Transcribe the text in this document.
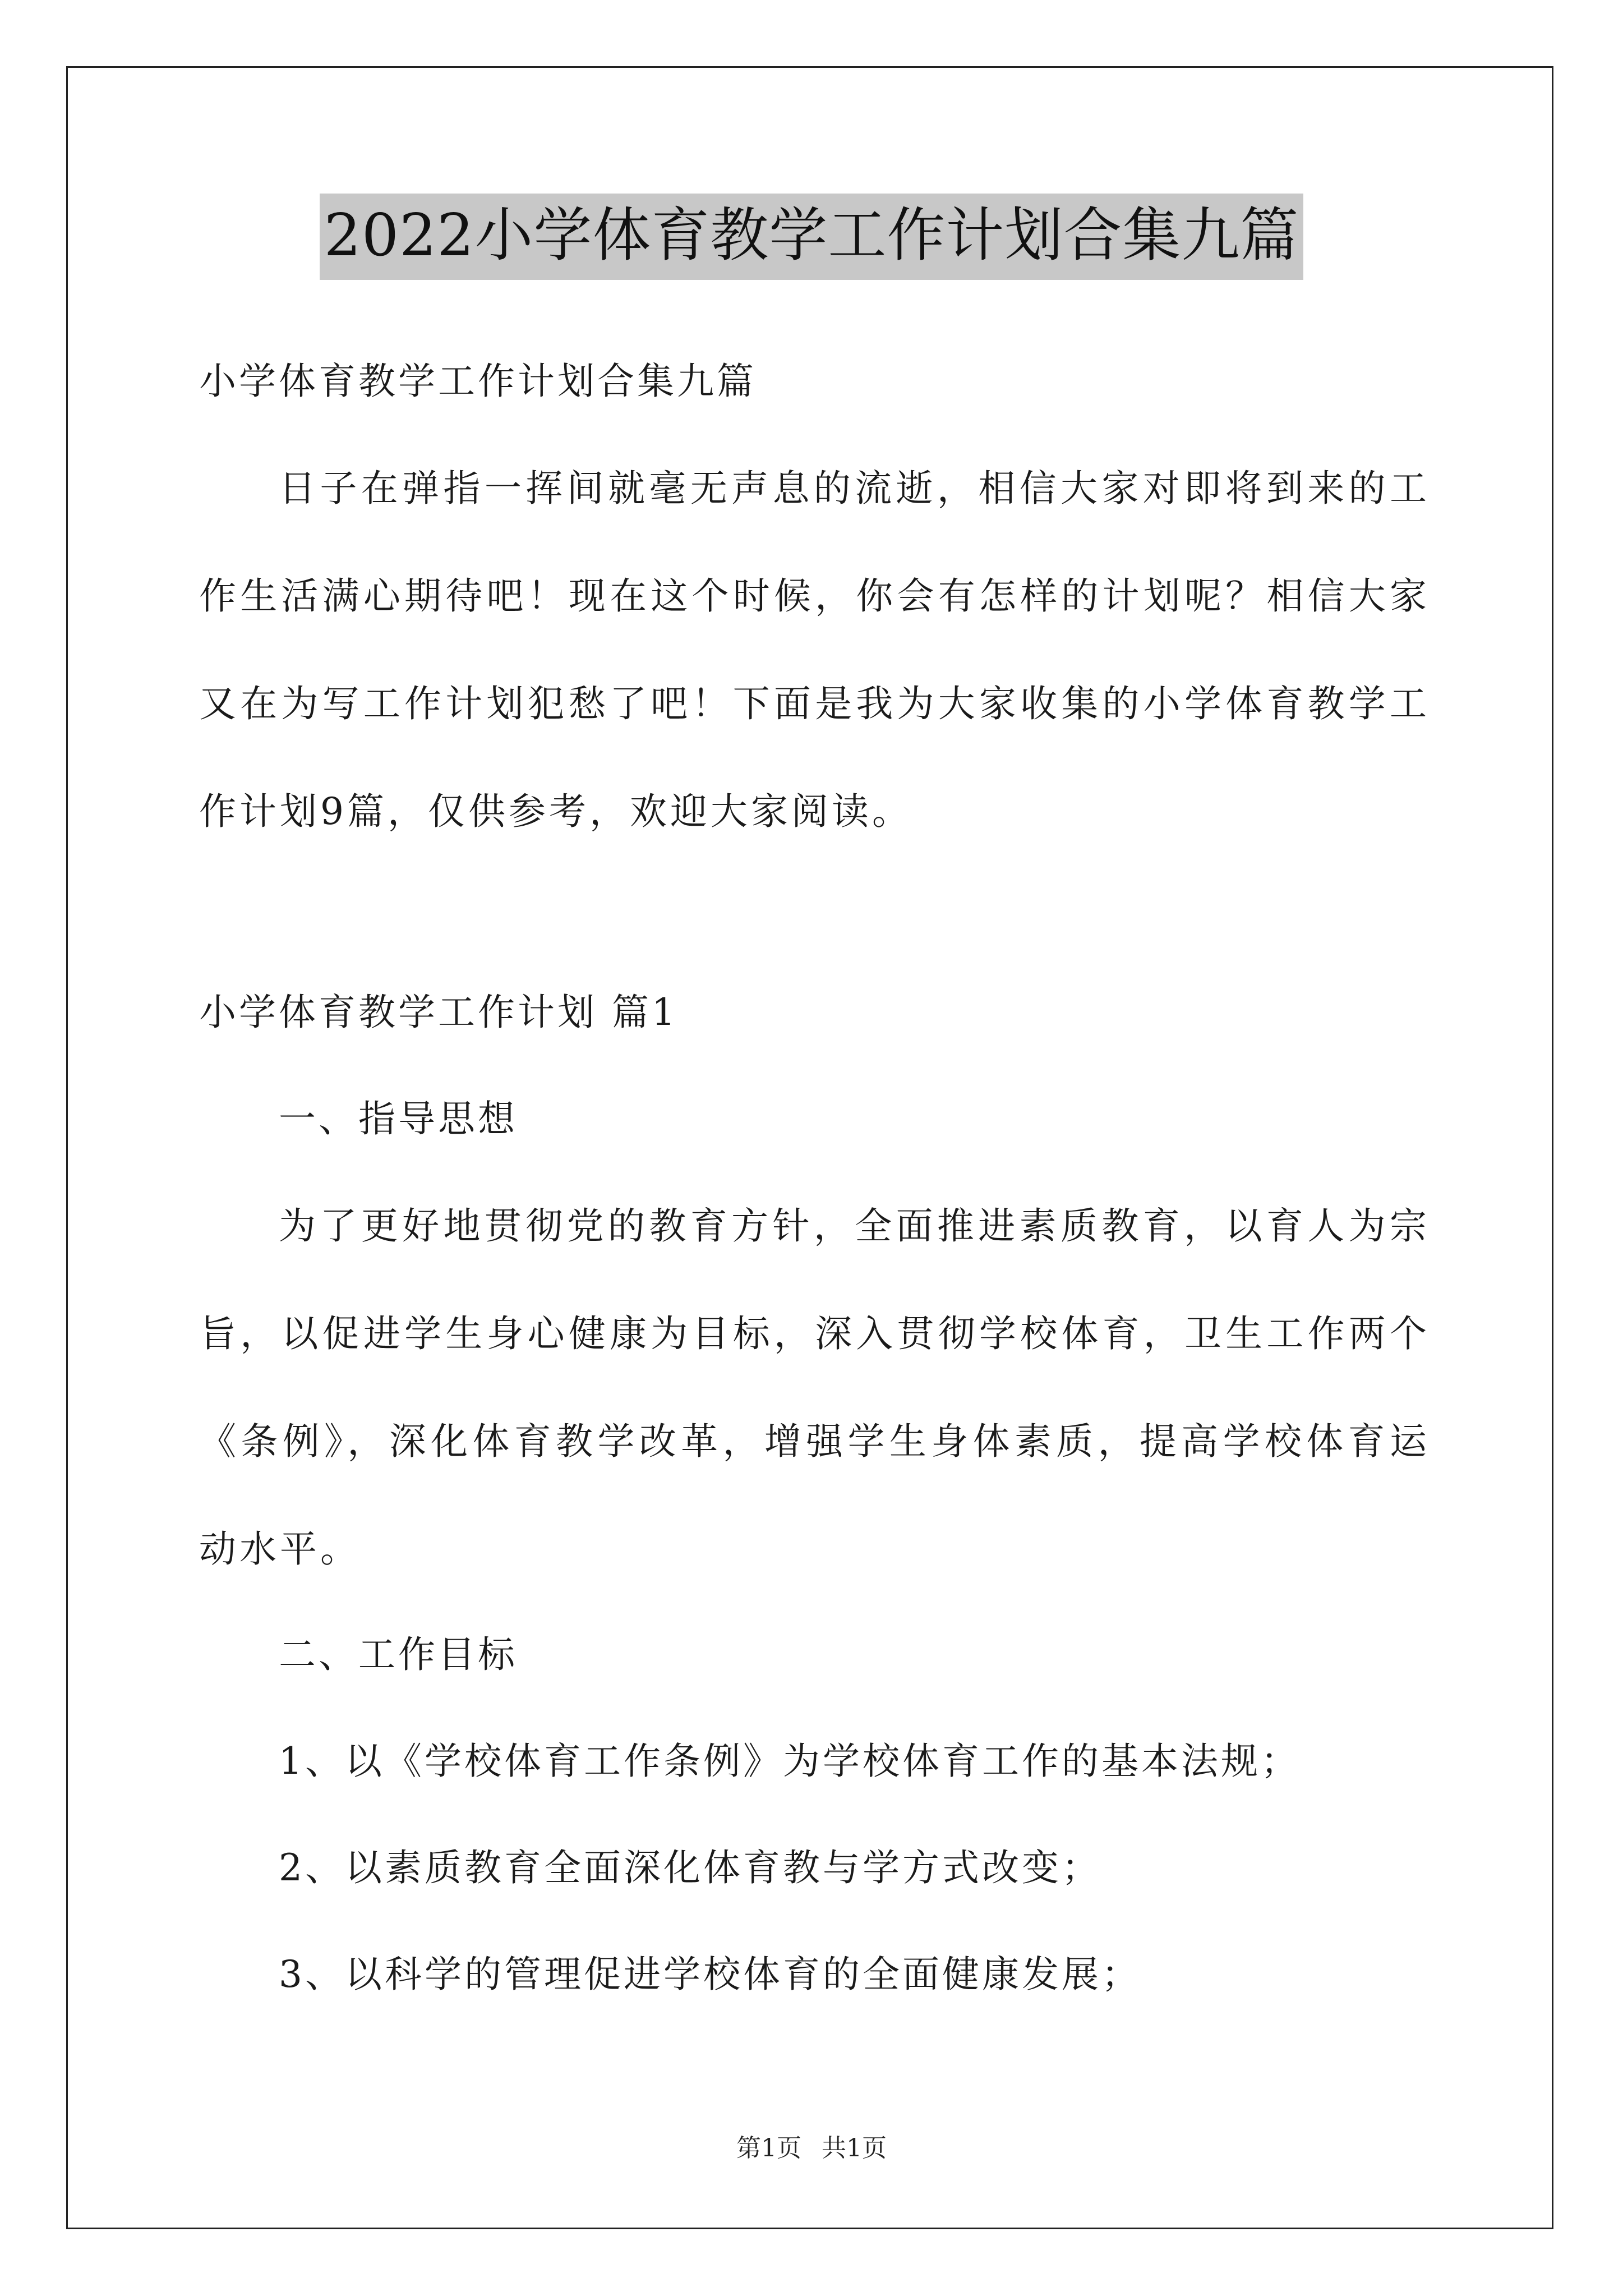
2022小学体育教学工作计划合集九篇
小学体育教学工作计划合集九篇
日子在弹指一挥间就毫无声息的流逝，相信大家对即将到来的工作生活满心期待吧！现在这个时候，你会有怎样的计划呢？相信大家又在为写工作计划犯愁了吧！下面是我为大家收集的小学体育教学工作计划9篇，仅供参考，欢迎大家阅读。
小学体育教学工作计划 篇1
一、指导思想
为了更好地贯彻党的教育方针，全面推进素质教育，以育人为宗旨，以促进学生身心健康为目标，深入贯彻学校体育，卫生工作两个《条例》，深化体育教学改革，增强学生身体素质，提高学校体育运动水平。
二、工作目标
1、以《学校体育工作条例》为学校体育工作的基本法规；
2、以素质教育全面深化体育教与学方式改变；
3、以科学的管理促进学校体育的全面健康发展；
第1页 共1页
